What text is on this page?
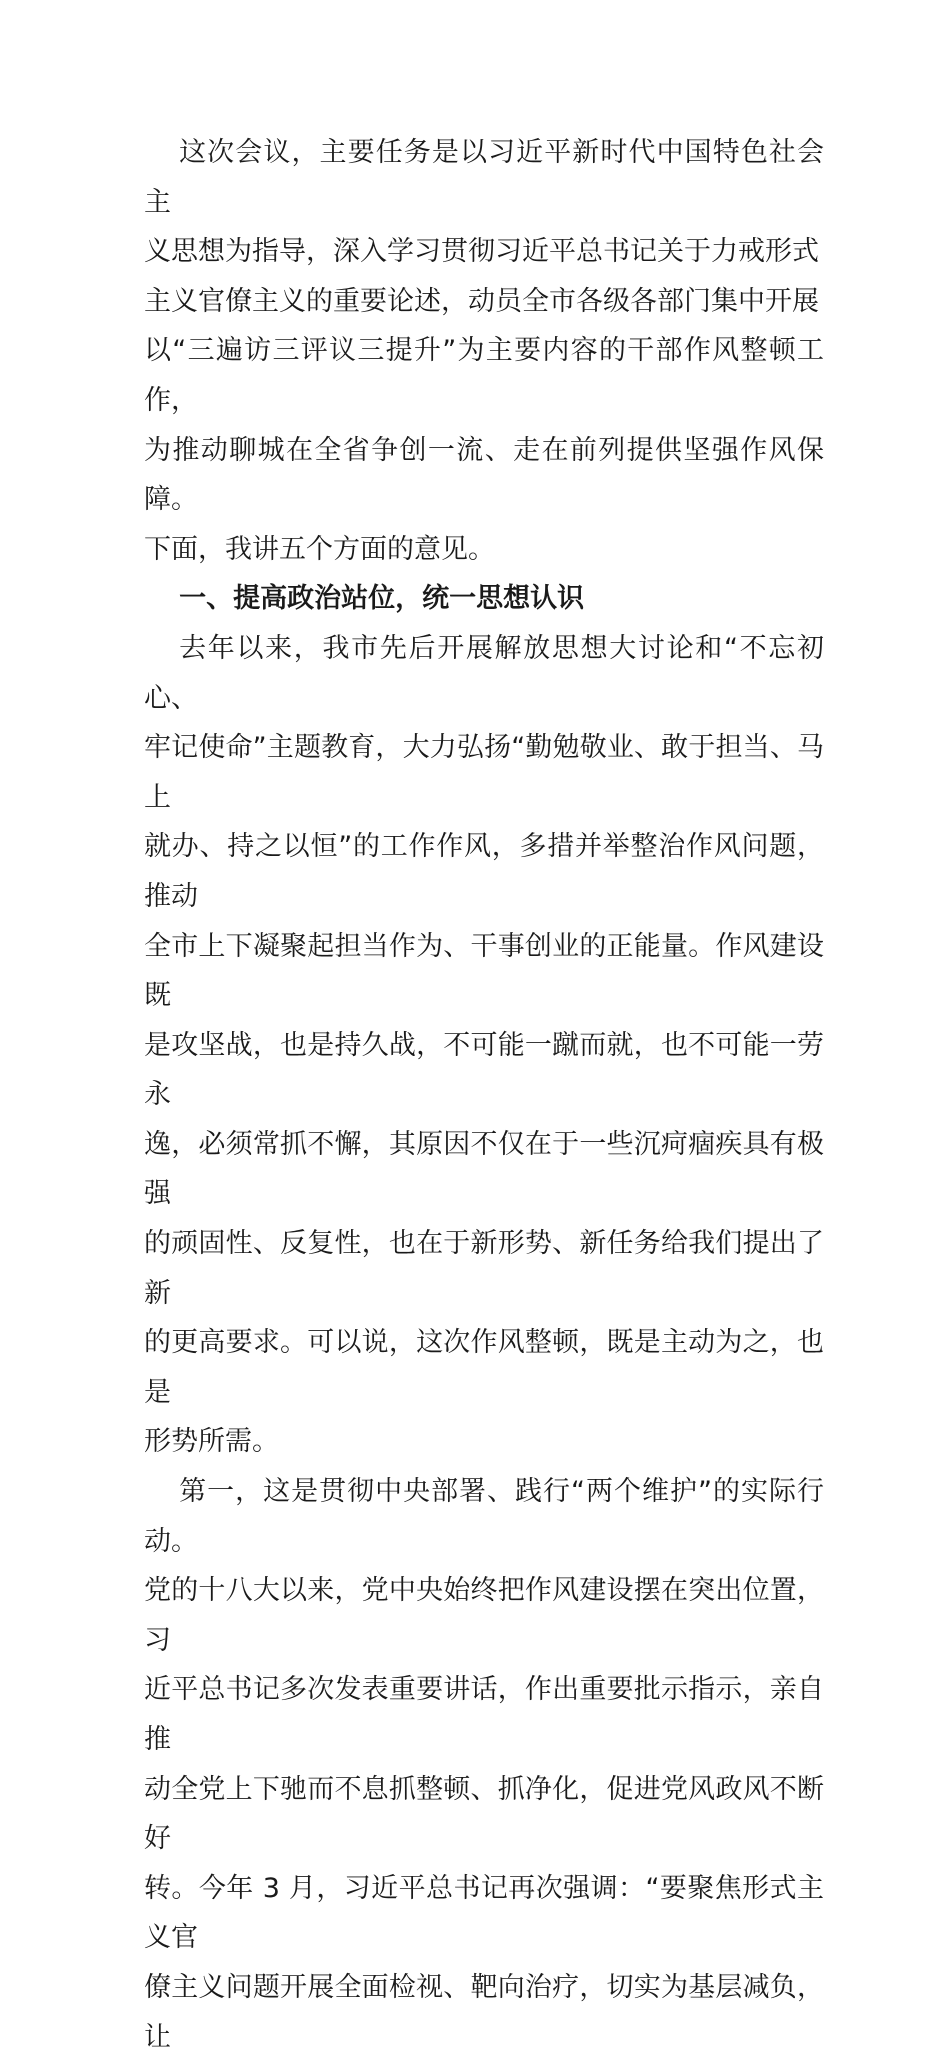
这次会议，主要任务是以习近平新时代中国特色社会主
义思想为指导，深入学习贯彻习近平总书记关于力戒形式
主义官僚主义的重要论述，动员全市各级各部门集中开展
以“三遍访三评议三提升”为主要内容的干部作风整顿工作，
为推动聊城在全省争创一流、走在前列提供坚强作风保障。
下面，我讲五个方面的意见。

一、提高政治站位，统一思想认识

去年以来，我市先后开展解放思想大讨论和“不忘初心、
牢记使命”主题教育，大力弘扬“勤勉敬业、敢于担当、马上
就办、持之以恒”的工作作风，多措并举整治作风问题，推动
全市上下凝聚起担当作为、干事创业的正能量。作风建设既
是攻坚战，也是持久战，不可能一蹴而就，也不可能一劳永
逸，必须常抓不懈，其原因不仅在于一些沉疴痼疾具有极强
的顽固性、反复性，也在于新形势、新任务给我们提出了新
的更高要求。可以说，这次作风整顿，既是主动为之，也是
形势所需。

第一，这是贯彻中央部署、践行“两个维护”的实际行动。
党的十八大以来，党中央始终把作风建设摆在突出位置，习
近平总书记多次发表重要讲话，作出重要批示指示，亲自推
动全党上下驰而不息抓整顿、抓净化，促进党风政风不断好
转。今年 3 月，习近平总书记再次强调：“要聚焦形式主义官
僚主义问题开展全面检视、靶向治疗，切实为基层减负，让
